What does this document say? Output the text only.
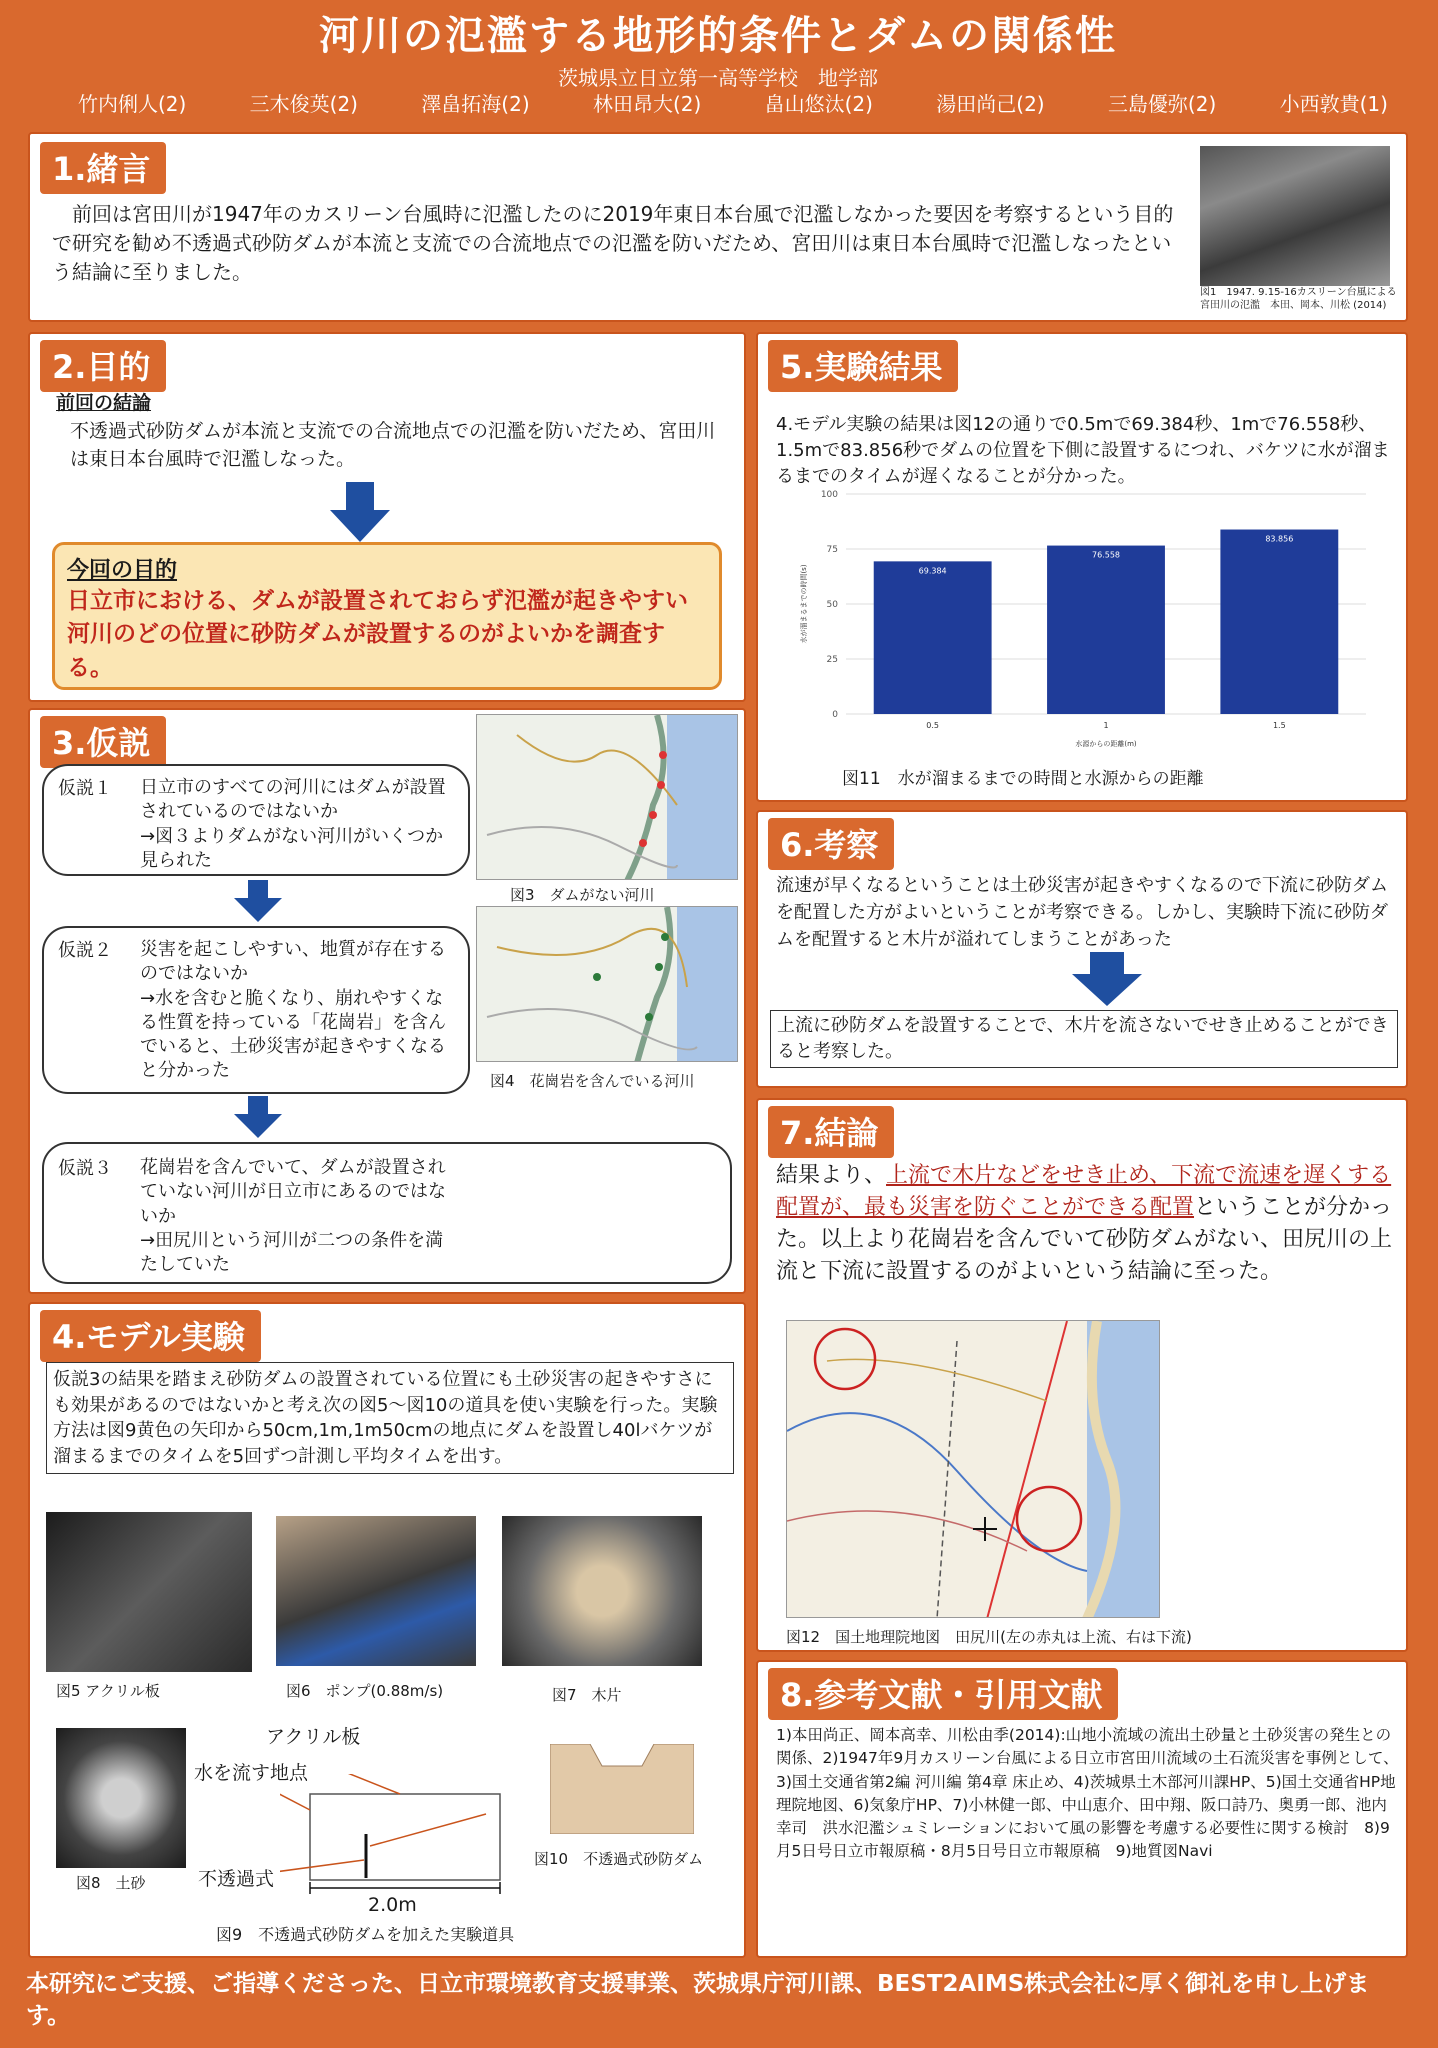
河川の氾濫する地形的条件とダムの関係性
茨城県立日立第一高等学校　地学部
竹内俐人(2)	三木俊英(2)	澤畠拓海(2)	林田昂大(2)	畠山悠汰(2)	湯田尚己(2)	三島優弥(2)	小西敦貴(1)
1.緒言
　前回は宮田川が1947年のカスリーン台風時に氾濫したのに2019年東日本台風で氾濫しなかった要因を考察するという目的で研究を勧め不透過式砂防ダムが本流と支流での合流地点での氾濫を防いだため、宮田川は東日本台風時で氾濫しなったという結論に至りました。
図1　1947. 9.15-16カスリーン台風による宮田川の氾濫　本田、岡本、川松 (2014)
2.目的
前回の結論
不透過式砂防ダムが本流と支流での合流地点での氾濫を防いだため、宮田川は東日本台風時で氾濫しなった。
今回の目的
日立市における、ダムが設置されておらず氾濫が起きやすい河川のどの位置に砂防ダムが設置するのがよいかを調査する。
3.仮説
仮説１ 日立市のすべての河川にはダムが設置されているのではないか
→図３よりダムがない河川がいくつか見られた
仮説２ 災害を起こしやすい、地質が存在するのではないか
→水を含むと脆くなり、崩れやすくなる性質を持っている「花崗岩」を含んでいると、土砂災害が起きやすくなると分かった
仮説３ 花崗岩を含んでいて、ダムが設置されていない河川が日立市にあるのではないか
→田尻川という河川が二つの条件を満たしていた
図3　ダムがない河川
図4　花崗岩を含んでいる河川
4.モデル実験
仮説3の結果を踏まえ砂防ダムの設置されている位置にも土砂災害の起きやすさにも効果があるのではないかと考え次の図5～図10の道具を使い実験を行った。実験方法は図9黄色の矢印から50cm,1m,1m50cmの地点にダムを設置し40lバケツが溜まるまでのタイムを5回ずつ計測し平均タイムを出す。
図5 アクリル板	図6　ポンプ(0.88m/s)	図7　木片
図8　土砂
アクリル板
水を流す地点
不透過式
2.0m
図10　不透過式砂防ダム
図9　不透過式砂防ダムを加えた実験道具
5.実験結果
4.モデル実験の結果は図12の通りで0.5mで69.384秒、1mで76.558秒、1.5mで83.856秒でダムの位置を下側に設置するにつれ、バケツに水が溜まるまでのタイムが遅くなることが分かった。
0
25
50
75
100
69.384
0.5
76.558
1
83.856
1.5
水源からの距離(m)
水が溜まるまでの時間(s)
図11　水が溜まるまでの時間と水源からの距離
6.考察
流速が早くなるということは土砂災害が起きやすくなるので下流に砂防ダムを配置した方がよいということが考察できる。しかし、実験時下流に砂防ダムを配置すると木片が溢れてしまうことがあった
上流に砂防ダムを設置することで、木片を流さないでせき止めることができると考察した。
7.結論
結果より、上流で木片などをせき止め、下流で流速を遅くする配置が、最も災害を防ぐことができる配置ということが分かった。以上より花崗岩を含んでいて砂防ダムがない、田尻川の上流と下流に設置するのがよいという結論に至った。
図12　国土地理院地図　田尻川(左の赤丸は上流、右は下流)
8.参考文献・引用文献
1)本田尚正、岡本高幸、川松由季(2014):山地小流域の流出土砂量と土砂災害の発生との関係、2)1947年9月カスリーン台風による日立市宮田川流域の土石流災害を事例として、3)国土交通省第2編 河川編 第4章 床止め、4)茨城県土木部河川課HP、5)国土交通省HP地理院地図、6)気象庁HP、7)小林健一郎、中山恵介、田中翔、阪口詩乃、奥勇一郎、池内幸司　洪水氾濫シュミレーションにおいて風の影響を考慮する必要性に関する検討　8)9月5日号日立市報原稿・8月5日号日立市報原稿　9)地質図Navi
本研究にご支援、ご指導くださった、日立市環境教育支援事業、茨城県庁河川課、BEST2AIMS株式会社に厚く御礼を申し上げます。
